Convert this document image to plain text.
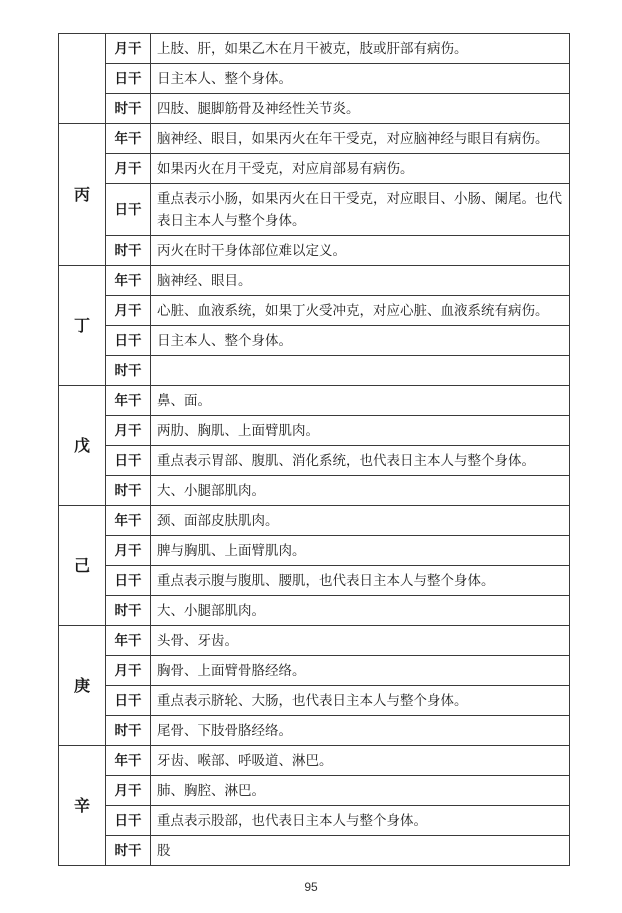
	月干	上肢、肝，如果乙木在月干被克，肢或肝部有病伤。
	日干	日主本人、整个身体。
	时干	四肢、腿脚筋骨及神经性关节炎。
丙	年干	脑神经、眼目，如果丙火在年干受克，对应脑神经与眼目有病伤。
	月干	如果丙火在月干受克，对应肩部易有病伤。
	日干	重点表示小肠，如果丙火在日干受克，对应眼目、小肠、阑尾。也代表日主本人与整个身体。
	时干	丙火在时干身体部位难以定义。
丁	年干	脑神经、眼目。
	月干	心脏、血液系统，如果丁火受冲克，对应心脏、血液系统有病伤。
	日干	日主本人、整个身体。
	时干	
戊	年干	鼻、面。
	月干	两肋、胸肌、上面臂肌肉。
	日干	重点表示胃部、腹肌、消化系统，也代表日主本人与整个身体。
	时干	大、小腿部肌肉。
己	年干	颈、面部皮肤肌肉。
	月干	脾与胸肌、上面臂肌肉。
	日干	重点表示腹与腹肌、腰肌，也代表日主本人与整个身体。
	时干	大、小腿部肌肉。
庚	年干	头骨、牙齿。
	月干	胸骨、上面臂骨胳经络。
	日干	重点表示脐轮、大肠，也代表日主本人与整个身体。
	时干	尾骨、下肢骨胳经络。
辛	年干	牙齿、喉部、呼吸道、淋巴。
	月干	肺、胸腔、淋巴。
	日干	重点表示股部，也代表日主本人与整个身体。
	时干	股
95
